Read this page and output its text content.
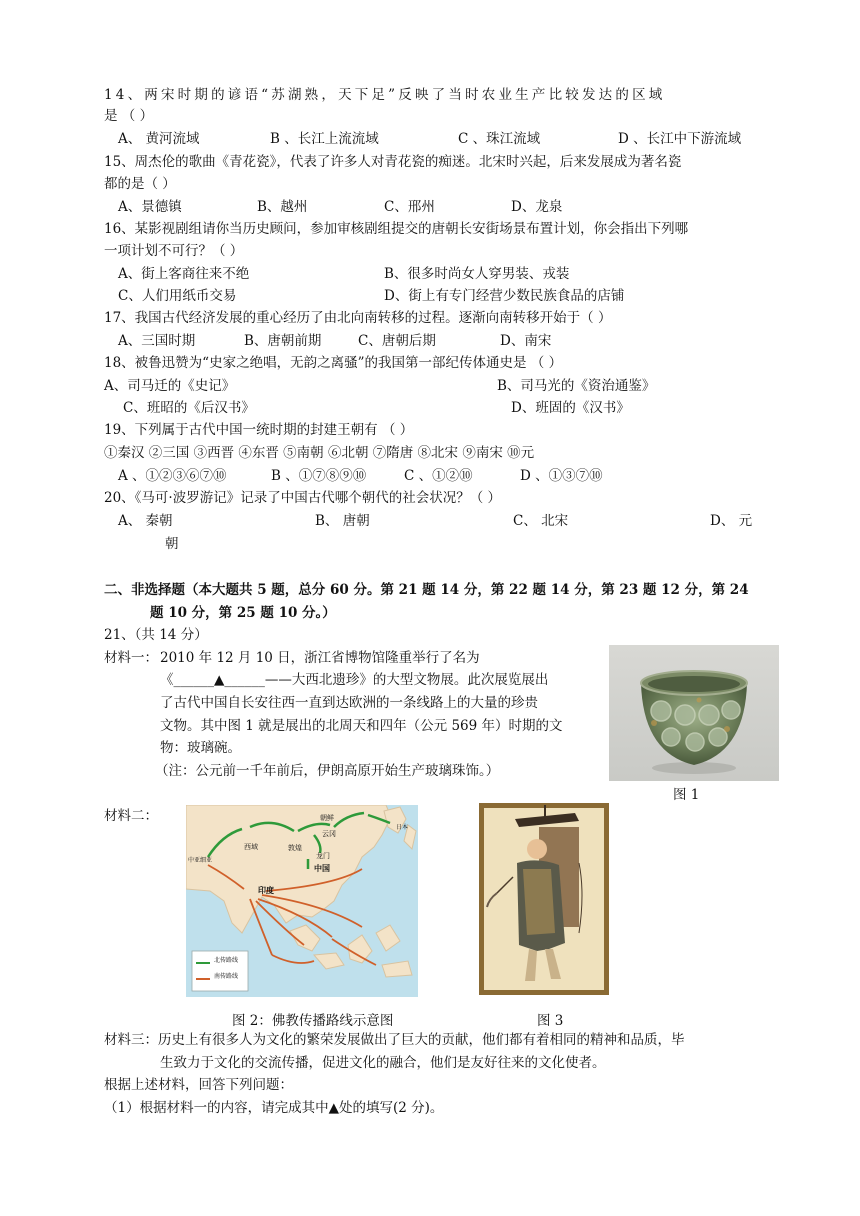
14、两宋时期的谚语“苏湖熟，天下足”反映了当时农业生产比较发达的区域
是 （ ）
A、 黄河流域	B 、长江上流流域	C 、珠江流域	D 、长江中下游流域
15、周杰伦的歌曲《青花瓷》，代表了许多人对青花瓷的痴迷。北宋时兴起，后来发展成为著名瓷
都的是（ ）
A、景德镇	B、越州	C、邢州	D、龙泉
16、某影视剧组请你当历史顾问，参加审核剧组提交的唐朝长安街场景布置计划，你会指出下列哪
一项计划不可行？（ ）
A、街上客商往来不绝	B、很多时尚女人穿男装、戎装
C、人们用纸币交易	D、街上有专门经营少数民族食品的店铺
17、我国古代经济发展的重心经历了由北向南转移的过程。逐渐向南转移开始于（ ）
A、三国时期	B、唐朝前期	C、唐朝后期	D、南宋
18、被鲁迅赞为“史家之绝唱，无韵之离骚”的我国第一部纪传体通史是 （ ）
A、司马迁的《史记》	B、司马光的《资治通鉴》
C、班昭的《后汉书》	D、班固的《汉书》
19、下列属于古代中国一统时期的封建王朝有 （ ）
①秦汉 ②三国 ③西晋 ④东晋 ⑤南朝 ⑥北朝 ⑦隋唐 ⑧北宋 ⑨南宋 ⑩元
A 、①②③⑥⑦⑩	B 、①⑦⑧⑨⑩	C 、①②⑩	D 、①③⑦⑩
20、《马可·波罗游记》记录了中国古代哪个朝代的社会状况？（ ）
A、 秦朝	B、 唐朝	C、 北宋	D、 元
朝
二、非选择题（本大题共 5 题，总分 60 分。第 21 题 14 分，第 22 题 14 分，第 23 题 12 分，第 24
题 10 分，第 25 题 10 分。）
21、（共 14 分）
材料一： 2010 年 12 月 10 日，浙江省博物馆隆重举行了名为
《______▲______——大西北遗珍》的大型文物展。此次展览展出
了古代中国自长安往西一直到达欧洲的一条线路上的大量的珍贵
文物。其中图 1 就是展出的北周天和四年（公元 569 年）时期的文
物：玻璃碗。
（注：公元前一千年前后，伊朗高原开始生产玻璃珠饰。）
图 1
材料二：	朝鲜
日本
云冈
西域	敦煌
龙门
中国
中亚细亚
印度
北传路线
南传路线
图 2：佛教传播路线示意图	图 3
材料三：历史上有很多人为文化的繁荣发展做出了巨大的贡献，他们都有着相同的精神和品质，毕
生致力于文化的交流传播，促进文化的融合，他们是友好往来的文化使者。
根据上述材料，回答下列问题：
（1）根据材料一的内容，请完成其中▲处的填写(2 分)。
